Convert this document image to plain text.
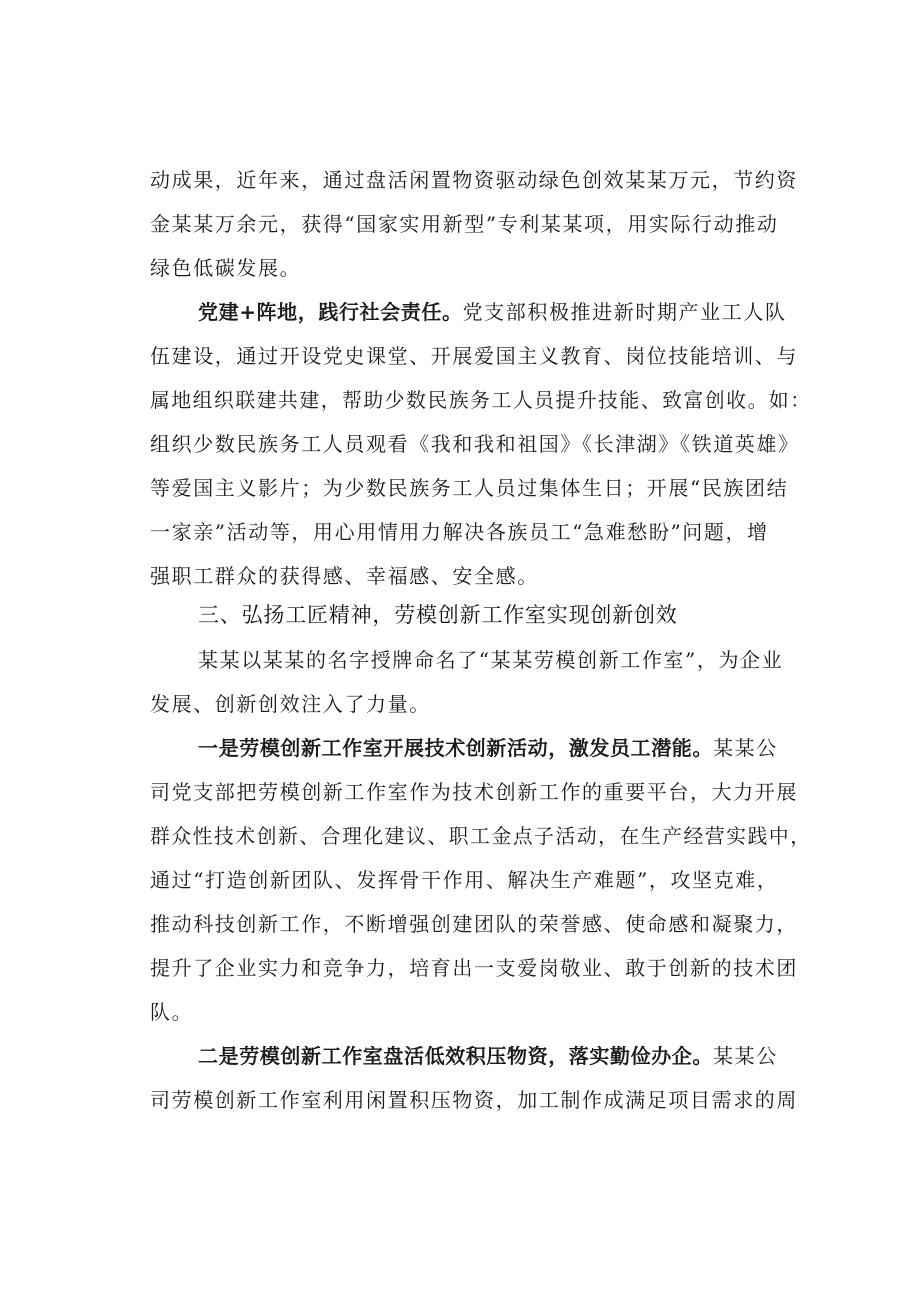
动成果，近年来，通过盘活闲置物资驱动绿色创效某某万元，节约资
金某某万余元，获得“国家实用新型”专利某某项，用实际行动推动
绿色低碳发展。
党建+阵地，践行社会责任。党支部积极推进新时期产业工人队
伍建设，通过开设党史课堂、开展爱国主义教育、岗位技能培训、与
属地组织联建共建，帮助少数民族务工人员提升技能、致富创收。如：
组织少数民族务工人员观看《我和我和祖国》《长津湖》《铁道英雄》
等爱国主义影片；为少数民族务工人员过集体生日；开展“民族团结
一家亲”活动等，用心用情用力解决各族员工“急难愁盼”问题，增
强职工群众的获得感、幸福感、安全感。
三、弘扬工匠精神，劳模创新工作室实现创新创效
某某以某某的名字授牌命名了“某某劳模创新工作室”，为企业
发展、创新创效注入了力量。
一是劳模创新工作室开展技术创新活动，激发员工潜能。某某公
司党支部把劳模创新工作室作为技术创新工作的重要平台，大力开展
群众性技术创新、合理化建议、职工金点子活动，在生产经营实践中，
通过“打造创新团队、发挥骨干作用、解决生产难题”，攻坚克难，
推动科技创新工作，不断增强创建团队的荣誉感、使命感和凝聚力，
提升了企业实力和竞争力，培育出一支爱岗敬业、敢于创新的技术团
队。
二是劳模创新工作室盘活低效积压物资，落实勤俭办企。某某公
司劳模创新工作室利用闲置积压物资，加工制作成满足项目需求的周
